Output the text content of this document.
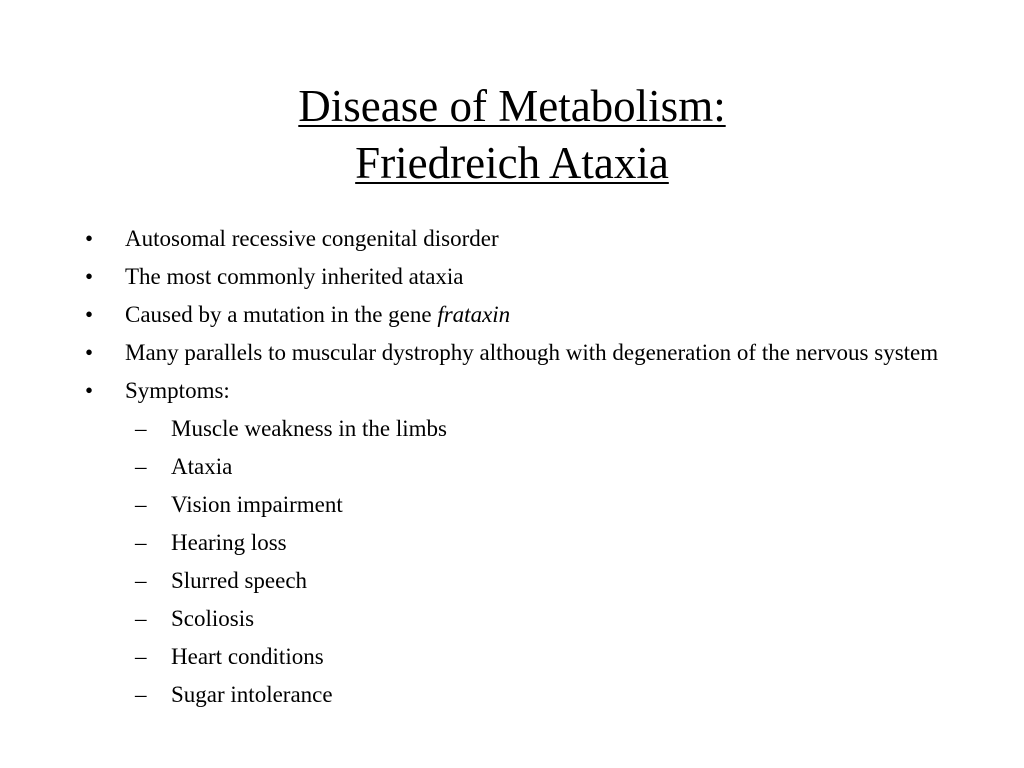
Disease of Metabolism:
Friedreich Ataxia
•	Autosomal recessive congenital disorder
•	The most commonly inherited ataxia
•	Caused by a mutation in the gene frataxin
•	Many parallels to muscular dystrophy although with degeneration of the nervous system
•	Symptoms:
– Muscle weakness in the limbs
– Ataxia
– Vision impairment
– Hearing loss
– Slurred speech
– Scoliosis
– Heart conditions
– Sugar intolerance
